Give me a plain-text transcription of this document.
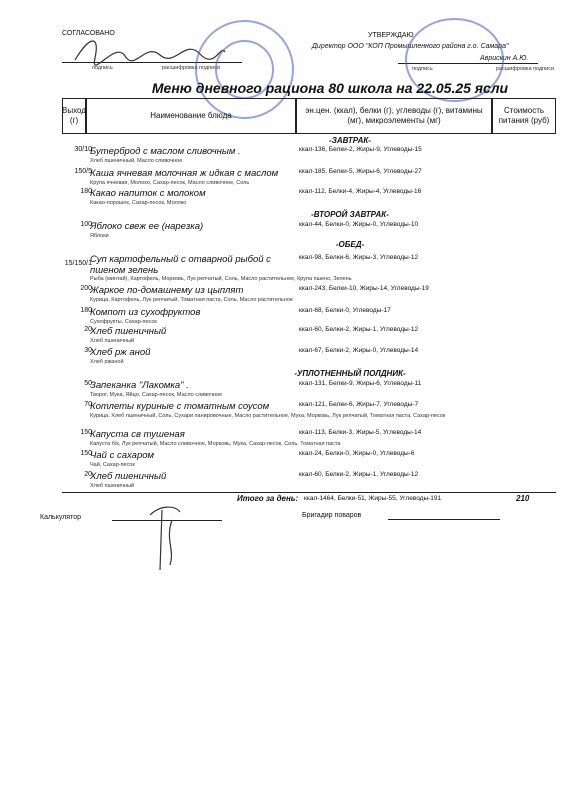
СОГЛАСОВАНО
подпись	расшифровка подписи
УТВЕРЖДАЮ
Директор ООО "КОП Промышленного района г.о. Самара"
Аврискин А.Ю.
подпись	расшифровка подписи
Меню дневного рациона 80 школа на 22.05.25 ясли
Выход (г)
Наименование блюда
эн.цен. (ккал), белки (г), углеводы (г), витамины (мг), микроэлементы (мг)
Стоимость питания (руб)
-ЗАВТРАК-
-ВТОРОЙ ЗАВТРАК-
-ОБЕД-
-УПЛОТНЕННЫЙ ПОЛДНИК-
30/10
Бутерброд с маслом сливочным .	ккал-136, Белки-2, Жиры-9, Углеводы-15
Хлеб пшеничный, Масло сливочное
150/5
Каша ячневая молочная ж идкая с маслом	ккал-185, Белки-5, Жиры-6, Углеводы-27
Крупа ячневая, Молоко, Сахар-песок, Масло сливочное, Соль
180
Какао напиток с молоком	ккал-112, Белки-4, Жиры-4, Углеводы-16
Какао-порошок, Сахар-песок, Молоко
100
Яблоко свеж ее (нарезка)	ккал-44, Белки-0, Жиры-0, Углеводы-10
Яблоки
15/150/1
Суп картофельный с отварной рыбой с пшеном зелень
ккал-98, Белки-6, Жиры-3, Углеводы-12
Рыба (минтай), Картофель, Морковь, Лук репчатый, Соль, Масло растительное, Крупа пшено, Зелень
200
Жаркое по-домашнему из цыплят	ккал-243, Белки-10, Жиры-14, Углеводы-19
Курица, Картофель, Лук репчатый, Томатная паста, Соль, Масло растительное
180
Компот из сухофруктов	ккал-68, Белки-0, Углеводы-17
Сухофрукты, Сахар-песок
20
Хлеб пшеничный	ккал-60, Белки-2, Жиры-1, Углеводы-12
Хлеб пшеничный
30
Хлеб рж аной	ккал-67, Белки-2, Жиры-0, Углеводы-14
Хлеб ржаной
50
Запеканка "Лакомка" .	ккал-131, Белки-9, Жиры-6, Углеводы-11
Творог, Мука, Яйцо, Сахар-песок, Масло сливочное
70
Котлеты куриные с томатным соусом	ккал-121, Белки-6, Жиры-7, Углеводы-7
Курица, Хлеб пшеничный, Соль, Сухари панировочные, Масло растительное, Мука, Морковь, Лук репчатый, Томатная паста, Сахар-песок
150
Капуста св тушеная	ккал-113, Белки-3, Жиры-5, Углеводы-14
Капуста б/к, Лук репчатый, Масло сливочное, Морковь, Мука, Сахар-песок, Соль, Томатная паста
150
Чай с сахаром	ккал-24, Белки-0, Жиры-0, Углеводы-6
Чай, Сахар-песок
20
Хлеб пшеничный	ккал-60, Белки-2, Жиры-1, Углеводы-12
Хлеб пшеничный
Итого за день: ккал-1464, Белки-51, Жиры-55, Углеводы-191	210
Калькулятор	Бригадир поваров
